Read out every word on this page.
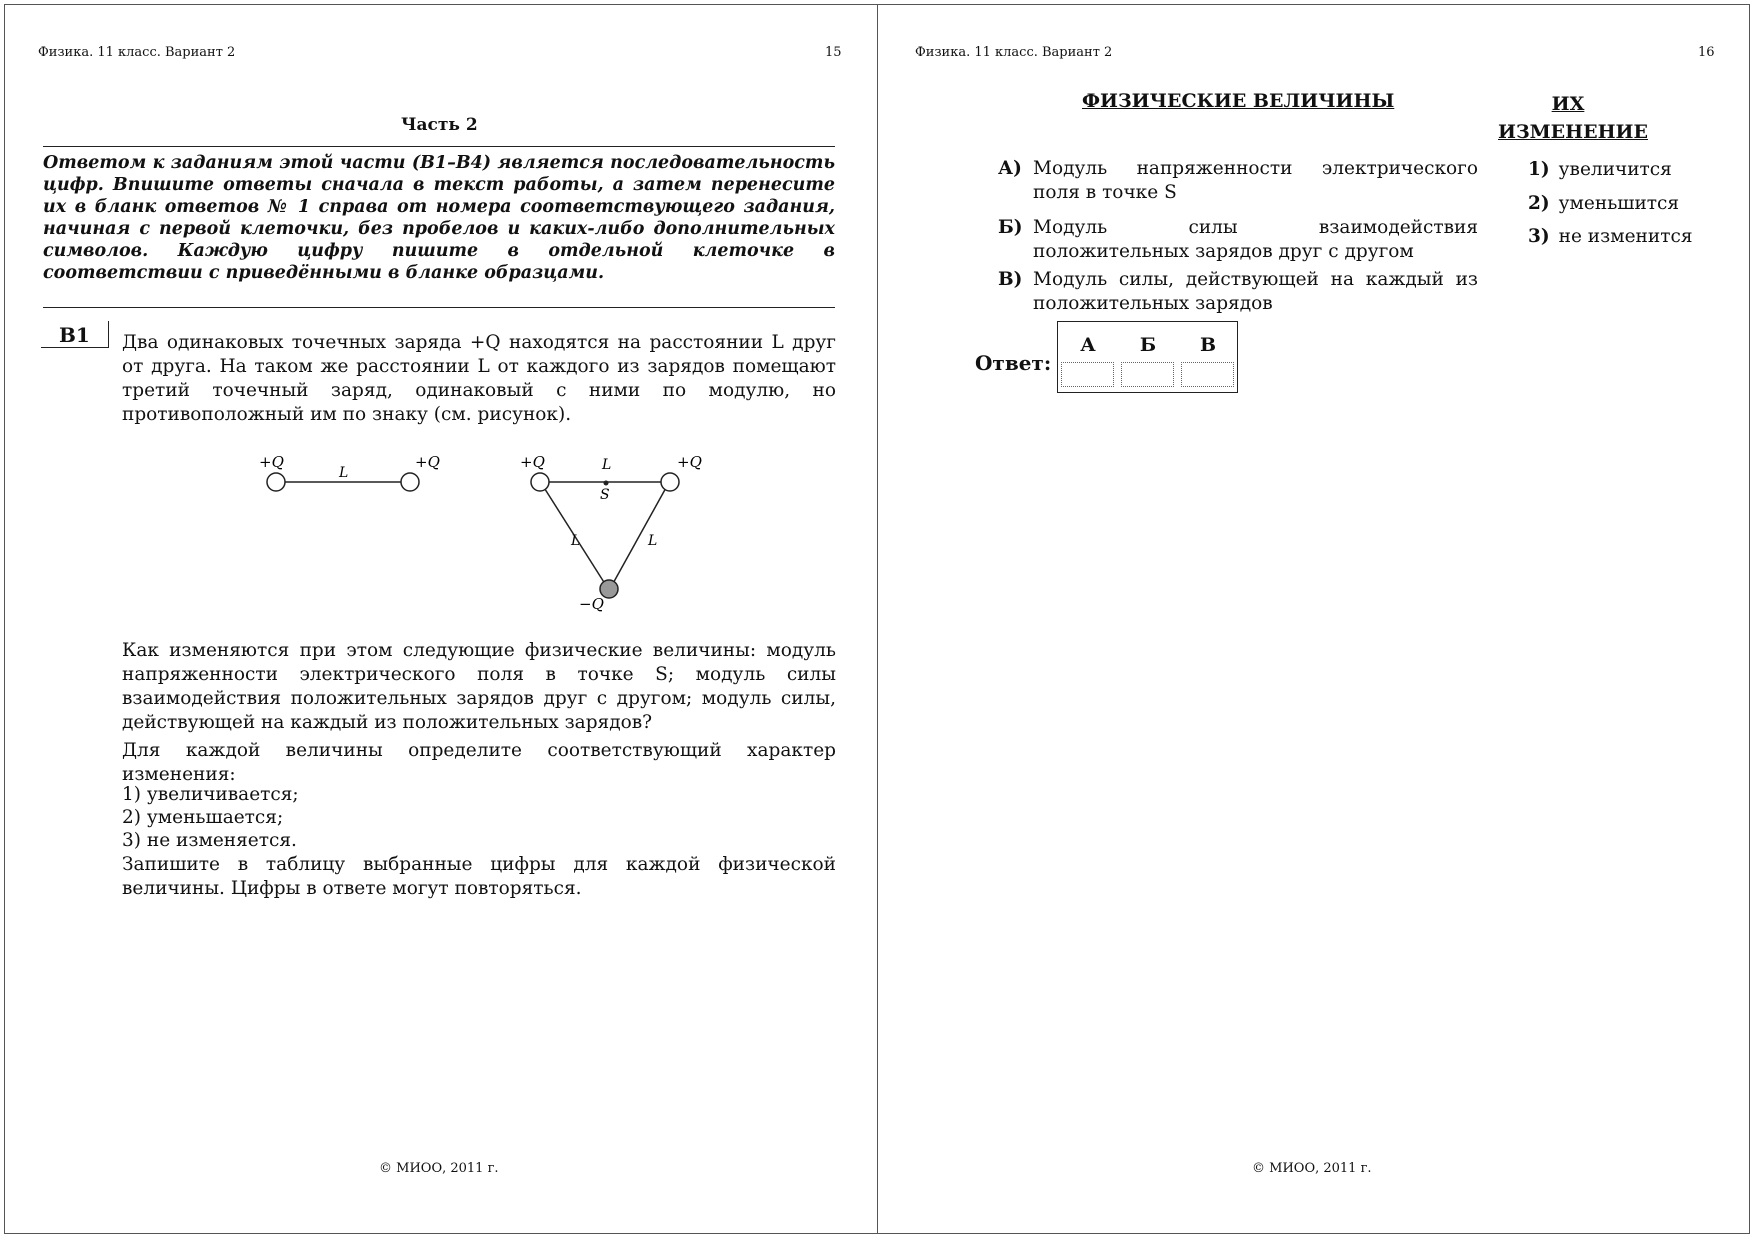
Физика. 11 класс. Вариант 2	15
Часть 2

Ответом к заданиям этой части (В1–В4) является последовательность цифр. Впишите ответы сначала в текст работы, а затем перенесите их в бланк ответов № 1 справа от номера соответствующего задания, начиная с первой клеточки, без пробелов и каких-либо дополнительных символов. Каждую цифру пишите в отдельной клеточке в соответствии с приведёнными в бланке образцами.

В1 Два одинаковых точечных заряда +Q находятся на расстоянии L друг от друга. На таком же расстоянии L от каждого из зарядов помещают третий точечный заряд, одинаковый с ними по модулю, но противоположный им по знаку (см. рисунок).

+Q	+Q
L
+Q	+Q
L
S
L	L
−Q

Как изменяются при этом следующие физические величины: модуль напряженности электрического поля в точке S; модуль силы взаимодействия положительных зарядов друг с другом; модуль силы, действующей на каждый из положительных зарядов?

Для каждой величины определите соответствующий характер изменения:

1) увеличивается;
2) уменьшается;
3) не изменяется.

Запишите в таблицу выбранные цифры для каждой физической величины. Цифры в ответе могут повторяться.

© МИОО, 2011 г.
Физика. 11 класс. Вариант 2	16
ФИЗИЧЕСКИЕ ВЕЛИЧИНЫ	ИХ
ИЗМЕНЕНИЕ
А) Модуль напряженности электрического поля в точке S
Б) Модуль силы взаимодействия положительных зарядов друг с другом
В) Модуль силы, действующей на каждый из положительных зарядов
1) увеличится
2) уменьшится
3) не изменится
Ответ:
А	Б	В
© МИОО, 2011 г.
